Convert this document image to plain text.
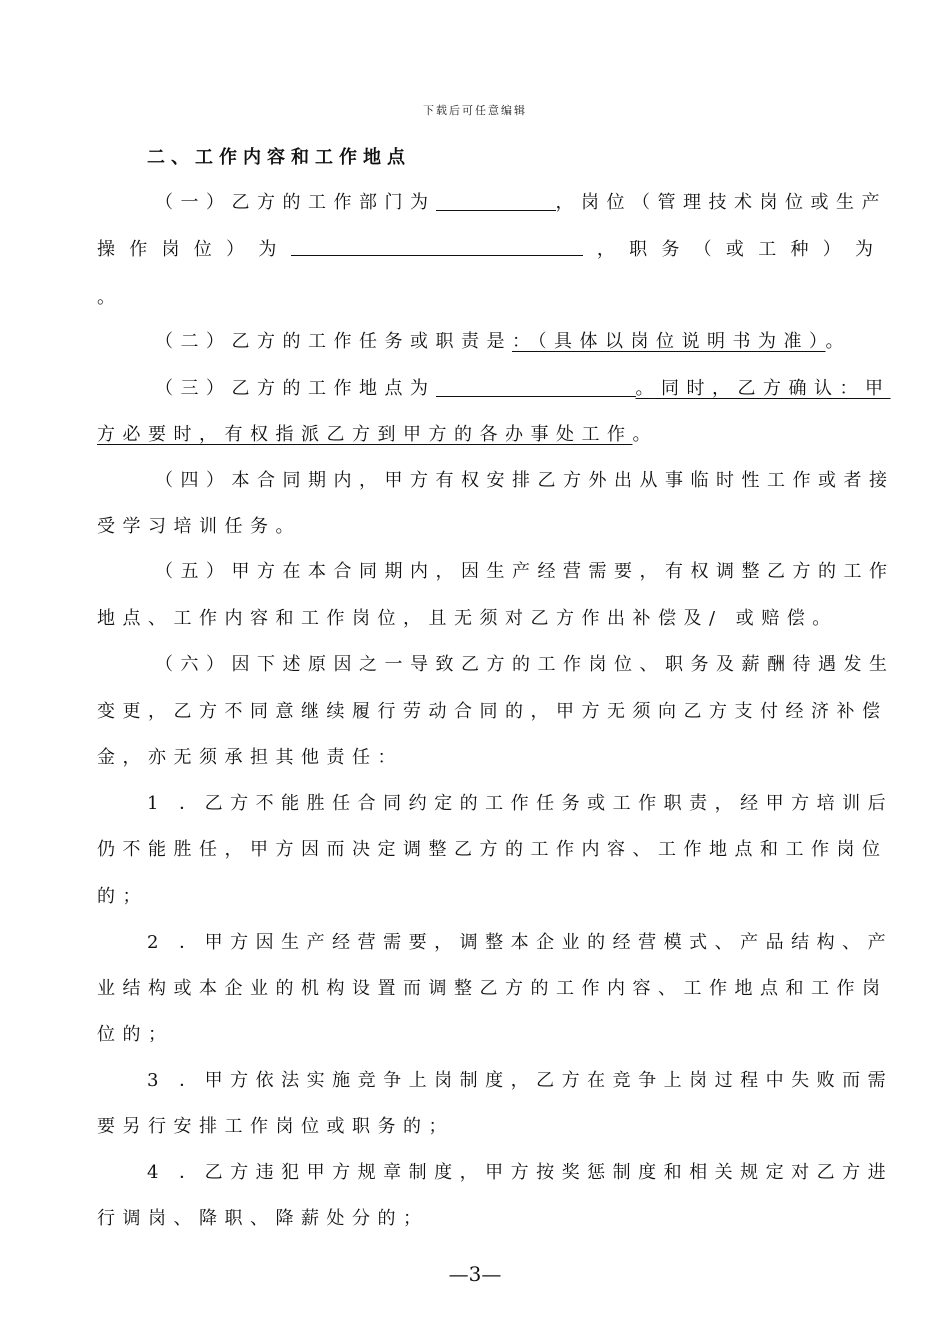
下载后可任意编辑
二、工作内容和工作地点
（一）乙方的工作部门为	，岗位（管理技术岗位或生产
操 作 岗 位 ） 为	， 职 务 （ 或 工 种 ） 为
。
（二）乙方的工作任务或职责是：（具体以岗位说明书为准）。
（三）乙方的工作地点为	。同时，乙方确认：甲
方必要时，有权指派乙方到甲方的各办事处工作。
（四）本合同期内，甲方有权安排乙方外出从事临时性工作或者接
受学习培训任务。
（五）甲方在本合同期内，因生产经营需要，有权调整乙方的工作
地点、工作内容和工作岗位，且无须对乙方作出补偿及/ 或赔偿。
（六）因下述原因之一导致乙方的工作岗位、职务及薪酬待遇发生
变更，乙方不同意继续履行劳动合同的，甲方无须向乙方支付经济补偿
金，亦无须承担其他责任：
1 ．乙方不能胜任合同约定的工作任务或工作职责，经甲方培训后
仍不能胜任，甲方因而决定调整乙方的工作内容、工作地点和工作岗位
的；
2 ．甲方因生产经营需要，调整本企业的经营模式、产品结构、产
业结构或本企业的机构设置而调整乙方的工作内容、工作地点和工作岗
位的；
3 ．甲方依法实施竞争上岗制度，乙方在竞争上岗过程中失败而需
要另行安排工作岗位或职务的；
4 ．乙方违犯甲方规章制度，甲方按奖惩制度和相关规定对乙方进
行调岗、降职、降薪处分的；
—3—
